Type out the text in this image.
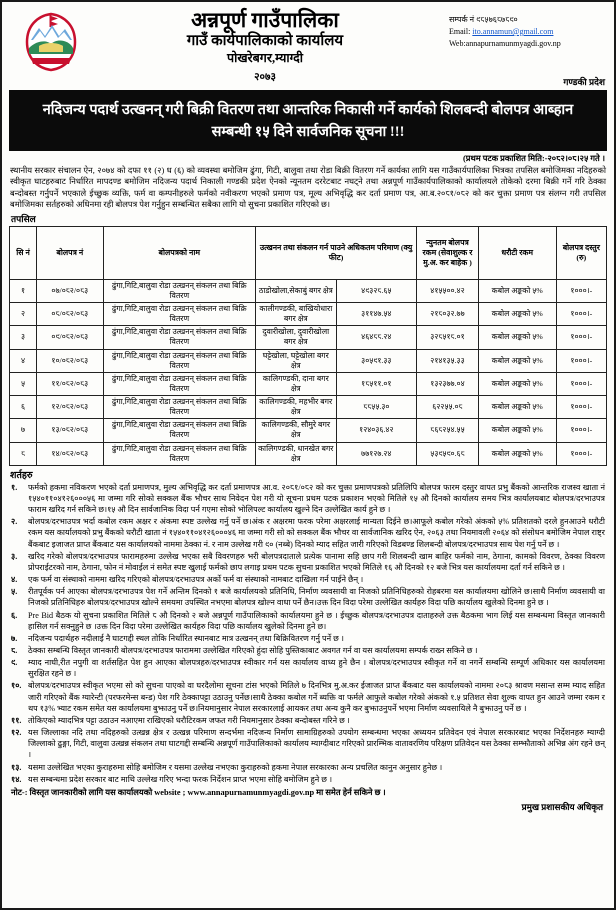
अन्नपूर्ण गाउँपालिका
गाउँ कार्यपालिकाको कार्यालय
पोखरेबगर,म्याग्दी
२०७३
सम्पर्क नं ९८५७६८७८९०
Email: ito.annamun@gmail.com
Web:annapurnamunmyagdi.gov.np
गण्डकी प्रदेश
नदिजन्य पदार्थ उत्खनन् गरी बिक्री वितरण तथा आन्तरिक निकासी गर्ने कार्यको शिलबन्दी बोलपत्र आब्हान
सम्बन्धी १५ दिने सार्वजनिक सूचना !!!
(प्रथम पटक प्रकाशित मिति:-२०८२।०८।२५ गते ।
स्थानीय सरकार संचालन ऐन, २०७४ को दफा ११ (२) ध (६) को व्यवस्था बमोजिम ढुंगा, गिटी, बालुवा तथा रोडा बिक्री वितरण गर्ने कार्यका लागि यस गाउँकार्यपालिका भित्रका तपसिल बमोजिमका नदिहरुको स्वीकृत घाटहरुबाट निर्धारित मापदण्ड बमोजिम नदिजन्य पदार्थ निकाली गण्डकी प्रदेश ऐनको न्यूनतम दररेटबाट नघट्ने तथा अन्नपूर्ण गाउँकार्यपालिकाको कार्यालयले तोकेको दरमा बिक्री गर्ने गरि ठेक्का बन्दोबस्त गर्नुपर्ने भएकाले ईच्छुक व्यक्ति, फर्म वा कम्पनीहरुले फर्मको नवीकरण भएको प्रमाण पत्र, मूल्य अभिवृद्धि कर दर्ता प्रमाण पत्र, आ.ब.२०८१/०८२ को कर चुक्ता प्रमाण पत्र संलग्न गरी तपसिल बमोजिमका सर्तहरुको अधिनमा रही बोलपत्र पेश गर्नुहुन सम्बन्धित सबैका लागि यो सुचना प्रकाशित गरिएको छ।
तपसिल
सि नं	बोलपत्र नं	बोलपत्रको नाम	उत्खनन तथा संकलन गर्न पाउने अधिकतम परिमाण (क्यु फीट)		न्युनतम बोलपत्र रकम (सेवाशुल्क र मु.अ. कर बाहेक )	धरौटी रकम	बोलपत्र दस्तुर (रु)
१	०७/०८२/०८३	ढुंगा,गिटि,बालुवा रोडा उत्खनन् संकलन तथा बिक्रि वितरण	ठाडोखोला,सेकाबुं बगर क्षेत्र	४९३२८.६५	४१५५००.४२	कबोल अङ्कको ५%	१०००।-
२	०८/०८२/०८३	ढुंगा,गिटि,बालुवा रोडा उत्खनन् संकलन तथा बिक्रि वितरण	कालीगण्डकी, बाखियोधारा बगर क्षेत्र	३११४७.५४	२१८०३२.७७	कबोल अङ्कको ५%	१०००।-
३	०९/०८२/०८३	ढुंगा,गिटि,बालुवा रोडा उत्खनन् संकलन तथा बिक्रि वितरण	दुवारीखोला, दुवारीखोला बगर क्षेत्र	४६४८८.२४	३२८५१८.०१	कबोल अङ्कको ५%	१०००।-
४	१०/०८२/०८३	ढुंगा,गिटि,बालुवा रोडा उत्खनन् संकलन तथा बिक्रि वितरण	घट्टेखोला, घट्टेखोला बगर क्षेत्र	३०५९१.३३	२१४१३५.३३	कबोल अङ्कको ५%	१०००।-
५	११/०८२/०८३	ढुंगा,गिटि,बालुवा रोडा उत्खनन् संकलन तथा बिक्रि वितरण	कालिगण्डकी, दाना बगर क्षेत्र	१८५११.०१	१३२३७७.०४	कबोल अङ्कको ५%	१०००।-
६	१२/०८२/०८३	ढुंगा,गिटि,बालुवा रोडा उत्खनन् संकलन तथा बिक्रि वितरण	कालिगण्डकी, महभीर बगर क्षेत्र	८८५५.३०	६२२५५.०८	कबोल अङ्कको ५%	१०००।-
७	१३/०८२/०८३	ढुंगा,गिटि,बालुवा रोडा उत्खनन् संकलन तथा बिक्रि वितरण	कालिगण्डकी, सौमुरे बगर क्षेत्र	१२४०३६.४२	८६८२५४.५५	कबोल अङ्कको ५%	१०००।-
८	१४/०८२/०८३	ढुंगा,गिटि,बालुवा रोडा उत्खनन् संकलन तथा बिक्रि वितरण	कालिगण्डकी, धानखेत बगर क्षेत्र	७७१२७.२४	५३९५९०.६८	कबोल अङ्कको ५%	१०००।-
शर्तहरु
१.	फर्मको हकमा नविकरण भएको दर्ता प्रमाणपत्र, मुल्य अभिवृद्धि कर दर्ता प्रमाणपत्र आ.व. २०८१/०८२ को कर चुक्ता प्रमाणपत्रको प्रतिलिपि बोलपत्र फारम दस्तुर वापत प्रभु बैंकको आन्तरिक राजस्व खाता नं १५४०११०४१२६०००५६ मा जम्मा गरि सोको सक्कल बैंक भौचर साथ निवेदन पेश गरी यो सूचना प्रथम पटक प्रकाशन भएको मितिले १५ औ दिनको कार्यालय समय भित्र कार्यालयबाट बोलपत्र/दरभाउपत्र फाराम खरिद गर्न सकिने छ।१५ औ दिन सार्वजानिक विदा पर्न गएमा सोको भोलिपल्ट कार्यालय खुल्ने दिन उल्लेखित कार्य हुने छ ।
२.	बोलपत्र/दरभाउपत्र भर्दा कबोल रकम अक्षर र अंकमा स्पष्ट उल्लेख गर्नु पर्ने छ।अंक र अक्षरमा फरक परेमा अक्षरलाई मान्यता दिईने छ।आफूले कबोल गरेको अंकको ५% प्रतिशतको दरले हुनआउने धरौटी रकम यस कार्यालयको प्रभु बैंकको धरौटी खाता नं १५४०११०४१२६०००४६ मा जम्मा गरी सो को सक्कल बैंक भौचर वा सार्वजानिक खरिद ऐन, २०६३ तथा नियमावली २०६४ को संसोधन बमोजिम नेपाल राष्ट्र बैंकबाट इजाजत प्राप्त बैंकबाट यस कार्यालयको नाममा ठेक्का नं. र नाम उल्लेख गरी ९० (नब्बे) दिनको म्याद सहित जारी गरिएको विडबण्ड शिलबन्दी बोलपत्र/दरभाउपत्र साथ पेश गर्नु पर्ने छ ।
३.	खरिद गरेको बोलपत्र/दरभाउपत्र फारामहरुमा उल्लेख भएका सबै विवरणहरु भरी बोलपत्रदाताले प्रत्येक पानामा सहि छाप गरी शिलबन्दी खाम बाहिर फर्मको नाम, ठेगाना, कामको विवरण, ठेक्का विवरण प्रोपराईटरको नाम, ठेगाना, फोन नं मोवाईल नं समेत स्पष्ट खुलाई फर्मको छाप लगाइ प्रथम पटक सुचना प्रकाशित भएको मितिले १६ औ दिनको १२ बजे भित्र यस कार्यालयमा दर्ता गर्न सकिने छ ।
४.	एक फर्म वा संस्थाको नाममा खरिद गरिएको बोलपत्र/दरभाउपत्र अर्को फर्म वा संस्थाको नामबाट दाखिला गर्न पाईने छैन् ।
५.	रीतपूर्वक पर्न आएका बोलपत्र/दरभाउपत्र पेश गर्ने अन्तिम दिनको १ बजे कार्यालयको प्रतिनिधि, निर्माण व्यवसायी वा निजको प्रतिनिधिहरुको रोहबरमा यस कार्यालयमा खोलिने छ।साथै निर्माण व्यवसायी वा निजको प्रतिनिधिहरु बोलपत्र/दरभाउपत्र खोल्ने समयमा उपस्थित नभएमा बोलपत्र खोल्न वाधा पर्ने छैन।उक्त दिन विदा परेमा उल्लेखित कार्यहरु विदा पछि कार्यालय खुलेको दिनमा हुने छ ।
६.	Pre Bid बैठक यो सुचना प्रकाशित मितिले ८ औ दिनको २ बजे अन्नपूर्ण गाउँपालिकाको कार्यालयमा हुने छ । ईच्छुक बोलपत्र/दरभाउपत्र दाताहरुले उक्त बैठकमा भाग लिई यस सम्बन्धमा विस्तृत जानकारी हासिल गर्न सक्नुहुने छ ।उक्त दिन विदा परेमा उल्लेखित कार्यहरु विदा पछि कार्यालय खुलेको दिनमा हुने छ।
७.	नदिजन्य पदार्थहरु नदीलाई नै घाटगद्दी स्थल तोकि निर्धारित स्थानबाट मात्र उत्खनन् तथा बिक्रिवितरण गर्नु पर्ने छ ।
८.	ठेक्का सम्बन्धि विस्तृत जानकारी बोलपत्र/दरभाउपत्र फाराममा उल्लेखित गरिएको हुंदा सोहि पुस्तिकाबाट अवगत गर्न वा यस कार्यालयमा सम्पर्क राख्न सकिने छ ।
९.	म्याद नाघी,रीत नपुगी वा शर्तसहित पेश हुन आएका बोलपत्रहरु/दरभाउपत्र स्वीकार गर्न यस कार्यालय वाध्य हुने छैन । बोलपत्र/दरभाउपत्र स्वीकृत गर्ने वा नगर्ने सम्बन्धि सम्पूर्ण अधिकार यस कार्यालयमा सुरक्षित रहने छ ।
१०. बोलपत्र/दरभाउपत्र स्वीकृत भएमा सो को सुचना पाएको वा घरदैलोमा सूचना टांस भएको मितिले ७ दिनभित्र मु.अ.कर ईजाजत प्राप्त बैंकबाट यस कार्यालयको नाममा २०८३ श्रावण मसान्त सम्म म्याद सहित जारी गरिएको बैंक ग्यारेन्टी (परफरमेन्स बन्ड) पेश गरि ठेक्कापट्टा उठाउनु पर्नेछ।साथै ठेक्का कबोल गर्ने ब्यक्ति वा फर्मले आफुले कबोल गरेको अंकको १.५ प्रतिशत सेवा शुल्क वापत हुन आउने जम्मा रकम र थप १३% भ्याट रकम समेत यस कार्यालयमा बुझाउनु पर्ने छ।नियमानुसार नेपाल सरकारलाई आयकर तथा अन्य कुनै कर बुझाउनुपर्ने भएमा निर्माण व्यवसायिले नै बुझाउनु पर्ने छ ।
११. तोकिएको म्यादभित्र पट्टा उठाउन नआएमा राखिएको धरौटिरकम जफत गरी नियमानुसार ठेक्का बन्दोबस्त गरिने छ ।
१२. यस जिल्लाका नदि तथा नदिहरुको उत्खन्न क्षेत्र र उत्खन्न परिमाण सन्दर्भमा नदिजन्य निर्माण सामाग्रिहरुको उपयोग सम्बन्धमा भएका अध्ययन प्रतिवेदन एवं नेपाल सरकारबाट भएका निर्देशनहरु म्याग्दी जिल्लाको ढुङ्गा, गिटी, वालुवा उत्खन्न संकलन तथा घाटगद्दी सम्बन्धि अन्नपूर्ण गाउँपालिकाको कार्यालय म्याग्दीबाट गरिएको प्रारम्भिक वातावरणिय परिक्षण प्रतिवेदन यस ठेक्का सम्झौताको अभिन्न अंग रहने छन् ।
१३. यसमा उल्लेखित भएका कुराहरुमा सोहि बमोजिम र यसमा उल्लेख नभएका कुराहरुको हकमा नेपाल सरकारका अन्य प्रचलित कानुन अनुसार हुनेछ ।
१४. यस सम्बन्धमा प्रदेश सरकार बाट माथि उल्लेख गरिए भन्दा फरक निर्देशन प्राप्त भएमा सोहि बमोजिम हुने छ ।
नोट-: विस्तृत जानकारीको लागि यस कार्यालयको website ; www.annapurnamunmyagdi.gov.np मा समेत हेर्न सकिने छ ।
प्रमुख प्रशासकीय अधिकृत
